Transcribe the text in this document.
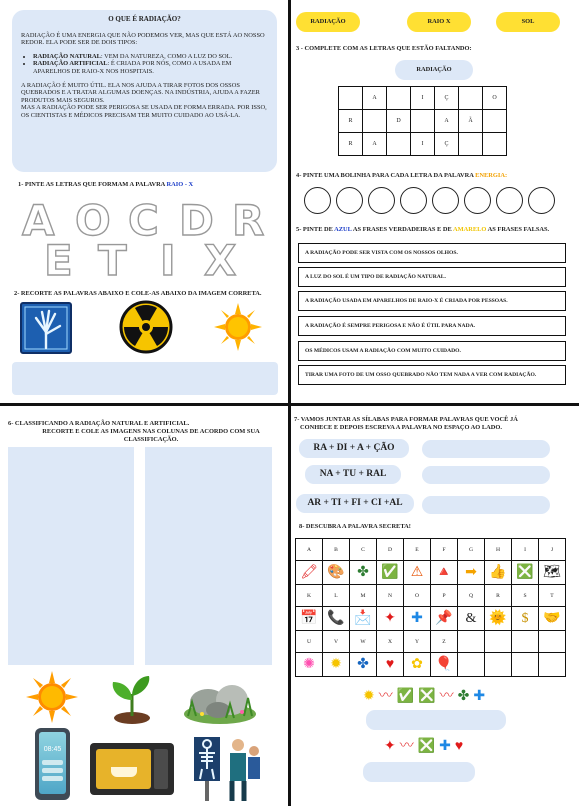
O QUE É RADIAÇÃO?

RADIAÇÃO É UMA ENERGIA QUE NÃO PODEMOS VER, MAS QUE ESTÁ AO NOSSO REDOR. ELA PODE SER DE DOIS TIPOS:

• RADIAÇÃO NATURAL: VEM DA NATUREZA, COMO A LUZ DO SOL.
• RADIAÇÃO ARTIFICIAL: É CRIADA POR NÓS, COMO A USADA EM APARELHOS DE RAIO-X NOS HOSPITAIS.

A RADIAÇÃO É MUITO ÚTIL. ELA NOS AJUDA A TIRAR FOTOS DOS OSSOS QUEBRADOS E A TRATAR ALGUMAS DOENÇAS. NA INDÚSTRIA, AJUDA A FAZER PRODUTOS MAIS SEGUROS.

MAS A RADIAÇÃO PODE SER PERIGOSA SE USADA DE FORMA ERRADA. POR ISSO, OS CIENTISTAS E MÉDICOS PRECISAM TER MUITO CUIDADO AO USÁ-LA.

1- PINTE AS LETRAS QUE FORMAM A PALAVRA RAIO - X
A O C D R
E T I X
2- RECORTE AS PALAVRAS ABAIXO E COLE-AS ABAIXO DA IMAGEM CORRETA.
RADIAÇÃO	RAIO X	SOL
3 - COMPLETE COM AS LETRAS QUE ESTÃO FALTANDO:
RADIAÇÃO
	A		I	Ç		O
R		D		A	Ã	
R	A		I	Ç		
4- PINTE UMA BOLINHA PARA CADA LETRA DA PALAVRA ENERGIA:
5- PINTE DE AZUL AS FRASES VERDADEIRAS E DE AMARELO AS FRASES FALSAS.
A RADIAÇÃO PODE SER VISTA COM OS NOSSOS OLHOS.
A LUZ DO SOL É UM TIPO DE RADIAÇÃO NATURAL.
A RADIAÇÃO USADA EM APARELHOS DE RAIO-X É CRIADA POR PESSOAS.
A RADIAÇÃO É SEMPRE PERIGOSA E NÃO É ÚTIL PARA NADA.
OS MÉDICOS USAM A RADIAÇÃO COM MUITO CUIDADO.
TIRAR UMA FOTO DE UM OSSO QUEBRADO NÃO TEM NADA A VER COM RADIAÇÃO.
6- CLASSIFICANDO A RADIAÇÃO NATURAL E ARTIFICIAL.
RECORTE E COLE AS IMAGENS NAS COLUNAS DE ACORDO COM SUA CLASSIFICAÇÃO.
08:45
7- VAMOS JUNTAR AS SÍLABAS PARA FORMAR PALAVRAS QUE VOCÊ JÁ
CONHECE E DEPOIS ESCREVA A PALAVRA NO ESPAÇO AO LADO.
RA + DI + A + ÇÃO
NA + TU + RAL
AR + TI + FI + CI +AL
8- DESCUBRA A PALAVRA SECRETA!
A	B	C	D	E	F	G	H	I	J
🖍	🎨	✤	✅	⚠	🔺	➡	👍	❎	🗺
K	L	M	N	O	P	Q	R	S	T
📅	📞	📩	✦	✚	📌	&	🌞	$	🤝
U	V	W	X	Y	Z				
✺	✹	✤	♥	✿	🎈				
✹ 〰 ✅ ❎ 〰 ✤ ✚
✦ 〰 ❎ ✚ ♥
